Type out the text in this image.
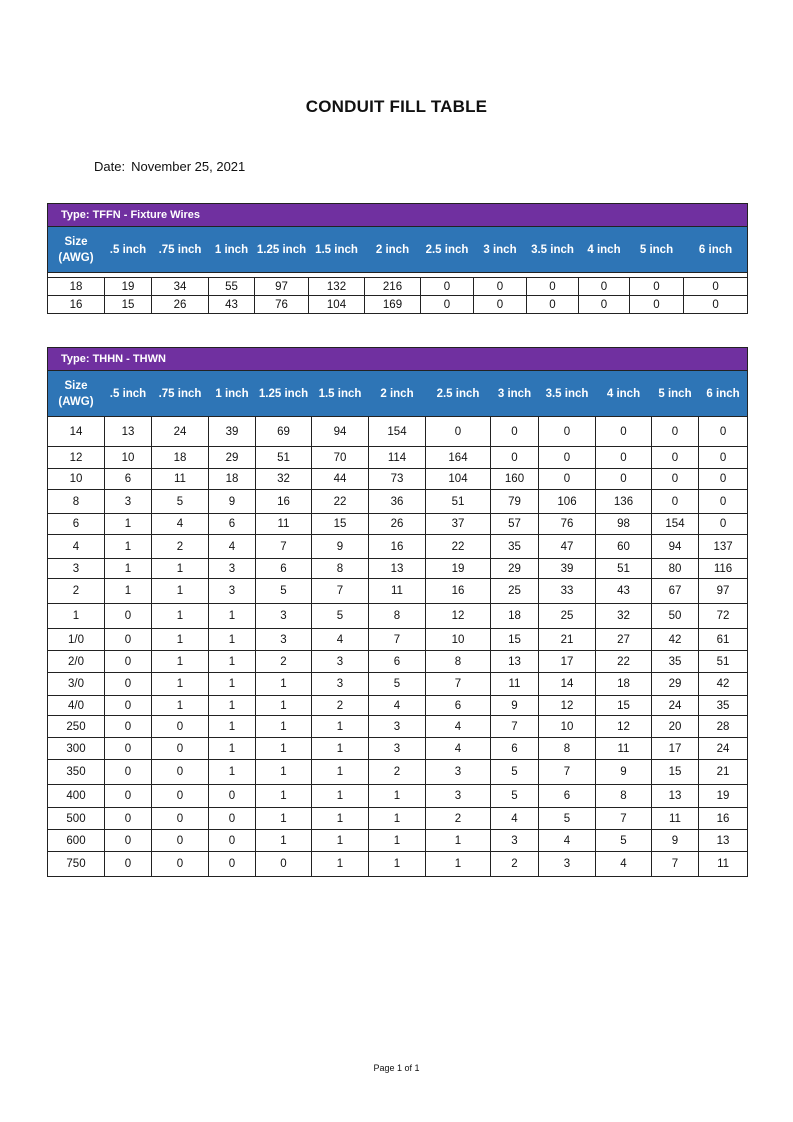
CONDUIT FILL TABLE
Date: November 25, 2021
Type: TFFN - Fixture Wires												
Size (AWG)	.5 inch	.75 inch	1 inch	1.25 inch	1.5 inch	2 inch	2.5 inch	3 inch	3.5 inch	4 inch	5 inch	6 inch

18	19	34	55	97	132	216	0	0	0	0	0	0
16	15	26	43	76	104	169	0	0	0	0	0	0
Type: THHN - THWN												
Size (AWG)	.5 inch	.75 inch	1 inch	1.25 inch	1.5 inch	2 inch	2.5 inch	3 inch	3.5 inch	4 inch	5 inch	6 inch
14	13	24	39	69	94	154	0	0	0	0	0	0
12	10	18	29	51	70	114	164	0	0	0	0	0
10	6	11	18	32	44	73	104	160	0	0	0	0
8	3	5	9	16	22	36	51	79	106	136	0	0
6	1	4	6	11	15	26	37	57	76	98	154	0
4	1	2	4	7	9	16	22	35	47	60	94	137
3	1	1	3	6	8	13	19	29	39	51	80	116
2	1	1	3	5	7	11	16	25	33	43	67	97
1	0	1	1	3	5	8	12	18	25	32	50	72
1/0	0	1	1	3	4	7	10	15	21	27	42	61
2/0	0	1	1	2	3	6	8	13	17	22	35	51
3/0	0	1	1	1	3	5	7	11	14	18	29	42
4/0	0	1	1	1	2	4	6	9	12	15	24	35
250	0	0	1	1	1	3	4	7	10	12	20	28
300	0	0	1	1	1	3	4	6	8	11	17	24
350	0	0	1	1	1	2	3	5	7	9	15	21
400	0	0	0	1	1	1	3	5	6	8	13	19
500	0	0	0	1	1	1	2	4	5	7	11	16
600	0	0	0	1	1	1	1	3	4	5	9	13
750	0	0	0	0	1	1	1	2	3	4	7	11
Page 1 of 1
